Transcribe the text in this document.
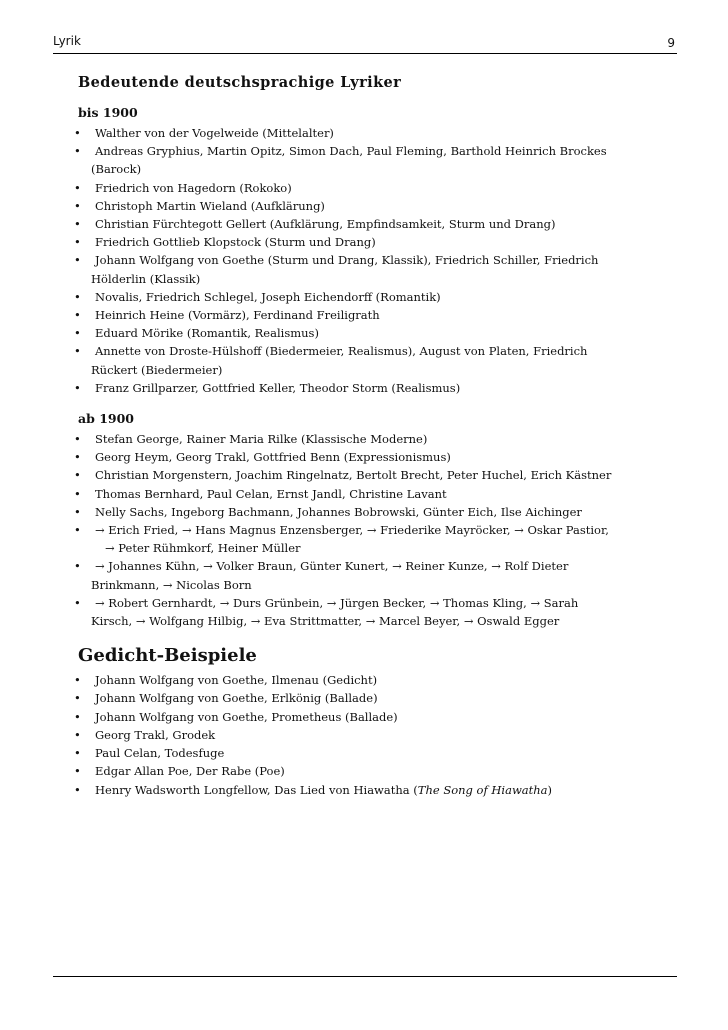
Lyrik	9
Bedeutende deutschsprachige Lyriker
bis 1900
• Walther von der Vogelweide (Mittelalter)
• Andreas Gryphius, Martin Opitz, Simon Dach, Paul Fleming, Barthold Heinrich Brockes
(Barock)
• Friedrich von Hagedorn (Rokoko)
• Christoph Martin Wieland (Aufklärung)
• Christian Fürchtegott Gellert (Aufklärung, Empfindsamkeit, Sturm und Drang)
• Friedrich Gottlieb Klopstock (Sturm und Drang)
• Johann Wolfgang von Goethe (Sturm und Drang, Klassik), Friedrich Schiller, Friedrich
Hölderlin (Klassik)
• Novalis, Friedrich Schlegel, Joseph Eichendorff (Romantik)
• Heinrich Heine (Vormärz), Ferdinand Freiligrath
• Eduard Mörike (Romantik, Realismus)
• Annette von Droste-Hülshoff (Biedermeier, Realismus), August von Platen, Friedrich
Rückert (Biedermeier)
• Franz Grillparzer, Gottfried Keller, Theodor Storm (Realismus)
ab 1900
• Stefan George, Rainer Maria Rilke (Klassische Moderne)
• Georg Heym, Georg Trakl, Gottfried Benn (Expressionismus)
• Christian Morgenstern, Joachim Ringelnatz, Bertolt Brecht, Peter Huchel, Erich Kästner
• Thomas Bernhard, Paul Celan, Ernst Jandl, Christine Lavant
• Nelly Sachs, Ingeborg Bachmann, Johannes Bobrowski, Günter Eich, Ilse Aichinger
• → Erich Fried, → Hans Magnus Enzensberger, → Friederike Mayröcker, → Oskar Pastior,
→ Peter Rühmkorf, Heiner Müller
• → Johannes Kühn, → Volker Braun, Günter Kunert, → Reiner Kunze, → Rolf Dieter
Brinkmann, → Nicolas Born
• → Robert Gernhardt, → Durs Grünbein, → Jürgen Becker, → Thomas Kling, → Sarah
Kirsch, → Wolfgang Hilbig, → Eva Strittmatter, → Marcel Beyer, → Oswald Egger
Gedicht-Beispiele
• Johann Wolfgang von Goethe, Ilmenau (Gedicht)
• Johann Wolfgang von Goethe, Erlkönig (Ballade)
• Johann Wolfgang von Goethe, Prometheus (Ballade)
• Georg Trakl, Grodek
• Paul Celan, Todesfuge
• Edgar Allan Poe, Der Rabe (Poe)
• Henry Wadsworth Longfellow, Das Lied von Hiawatha (The Song of Hiawatha)
